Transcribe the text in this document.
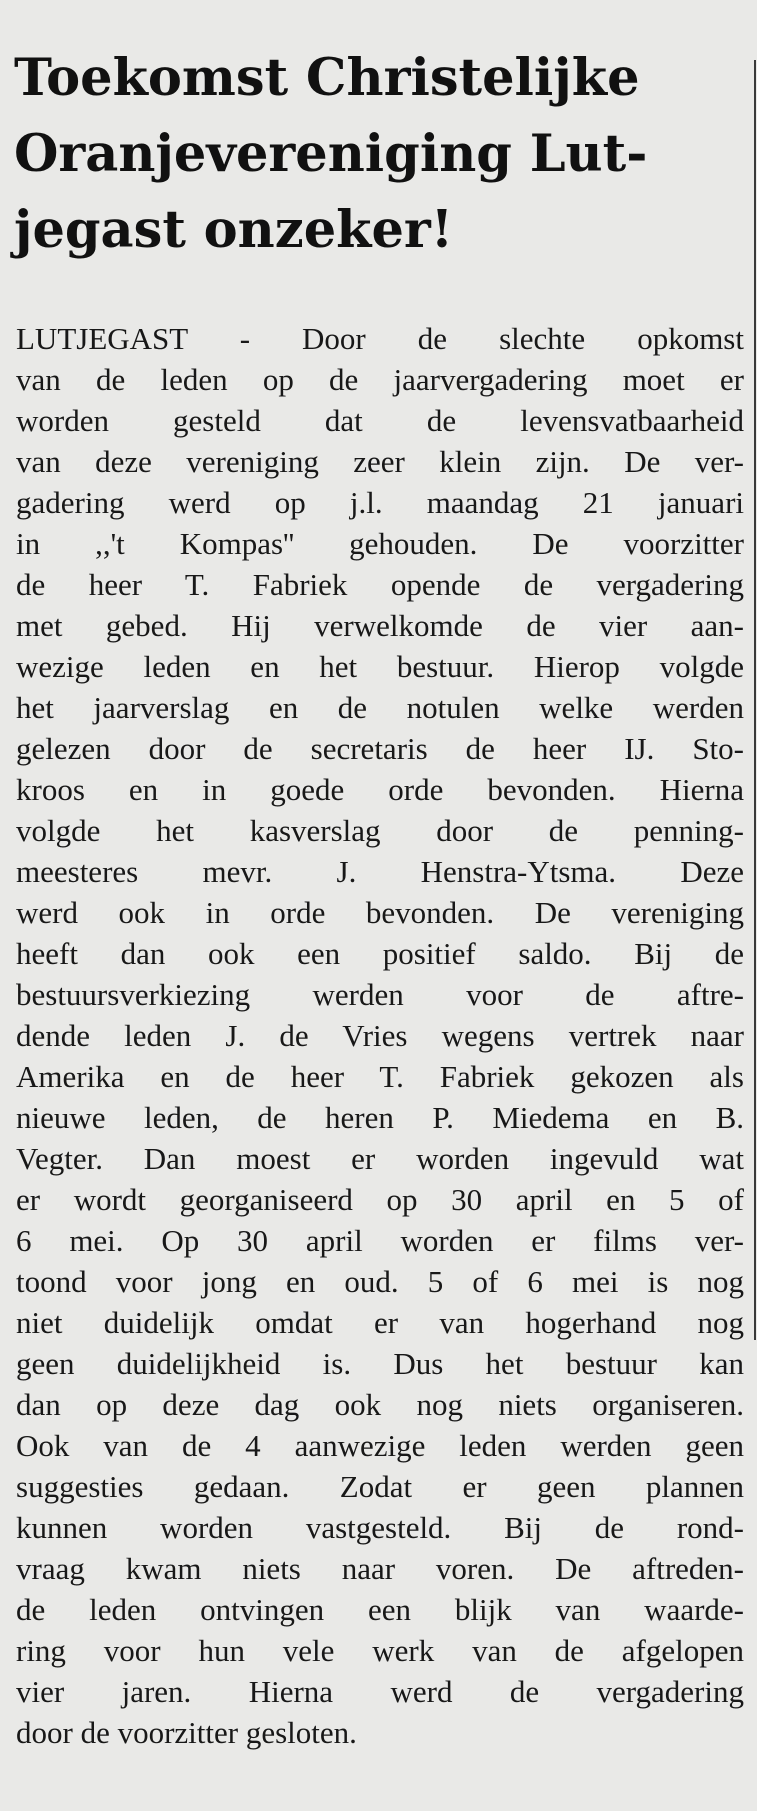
Toekomst Christelijke
Oranjevereniging Lut-
jegast onzeker!
LUTJEGAST - Door de slechte opkomst
van de leden op de jaarvergadering moet er
worden gesteld dat de levensvatbaarheid
van deze vereniging zeer klein zijn. De ver-
gadering werd op j.l. maandag 21 januari
in ,,'t Kompas'' gehouden. De voorzitter
de heer T. Fabriek opende de vergadering
met gebed. Hij verwelkomde de vier aan-
wezige leden en het bestuur. Hierop volgde
het jaarverslag en de notulen welke werden
gelezen door de secretaris de heer IJ. Sto-
kroos en in goede orde bevonden. Hierna
volgde het kasverslag door de penning-
meesteres mevr. J. Henstra-Ytsma. Deze
werd ook in orde bevonden. De vereniging
heeft dan ook een positief saldo. Bij de
bestuursverkiezing werden voor de aftre-
dende leden J. de Vries wegens vertrek naar
Amerika en de heer T. Fabriek gekozen als
nieuwe leden, de heren P. Miedema en B.
Vegter. Dan moest er worden ingevuld wat
er wordt georganiseerd op 30 april en 5 of
6 mei. Op 30 april worden er films ver-
toond voor jong en oud. 5 of 6 mei is nog
niet duidelijk omdat er van hogerhand nog
geen duidelijkheid is. Dus het bestuur kan
dan op deze dag ook nog niets organiseren.
Ook van de 4 aanwezige leden werden geen
suggesties gedaan. Zodat er geen plannen
kunnen worden vastgesteld. Bij de rond-
vraag kwam niets naar voren. De aftreden-
de leden ontvingen een blijk van waarde-
ring voor hun vele werk van de afgelopen
vier jaren. Hierna werd de vergadering
door de voorzitter gesloten.
